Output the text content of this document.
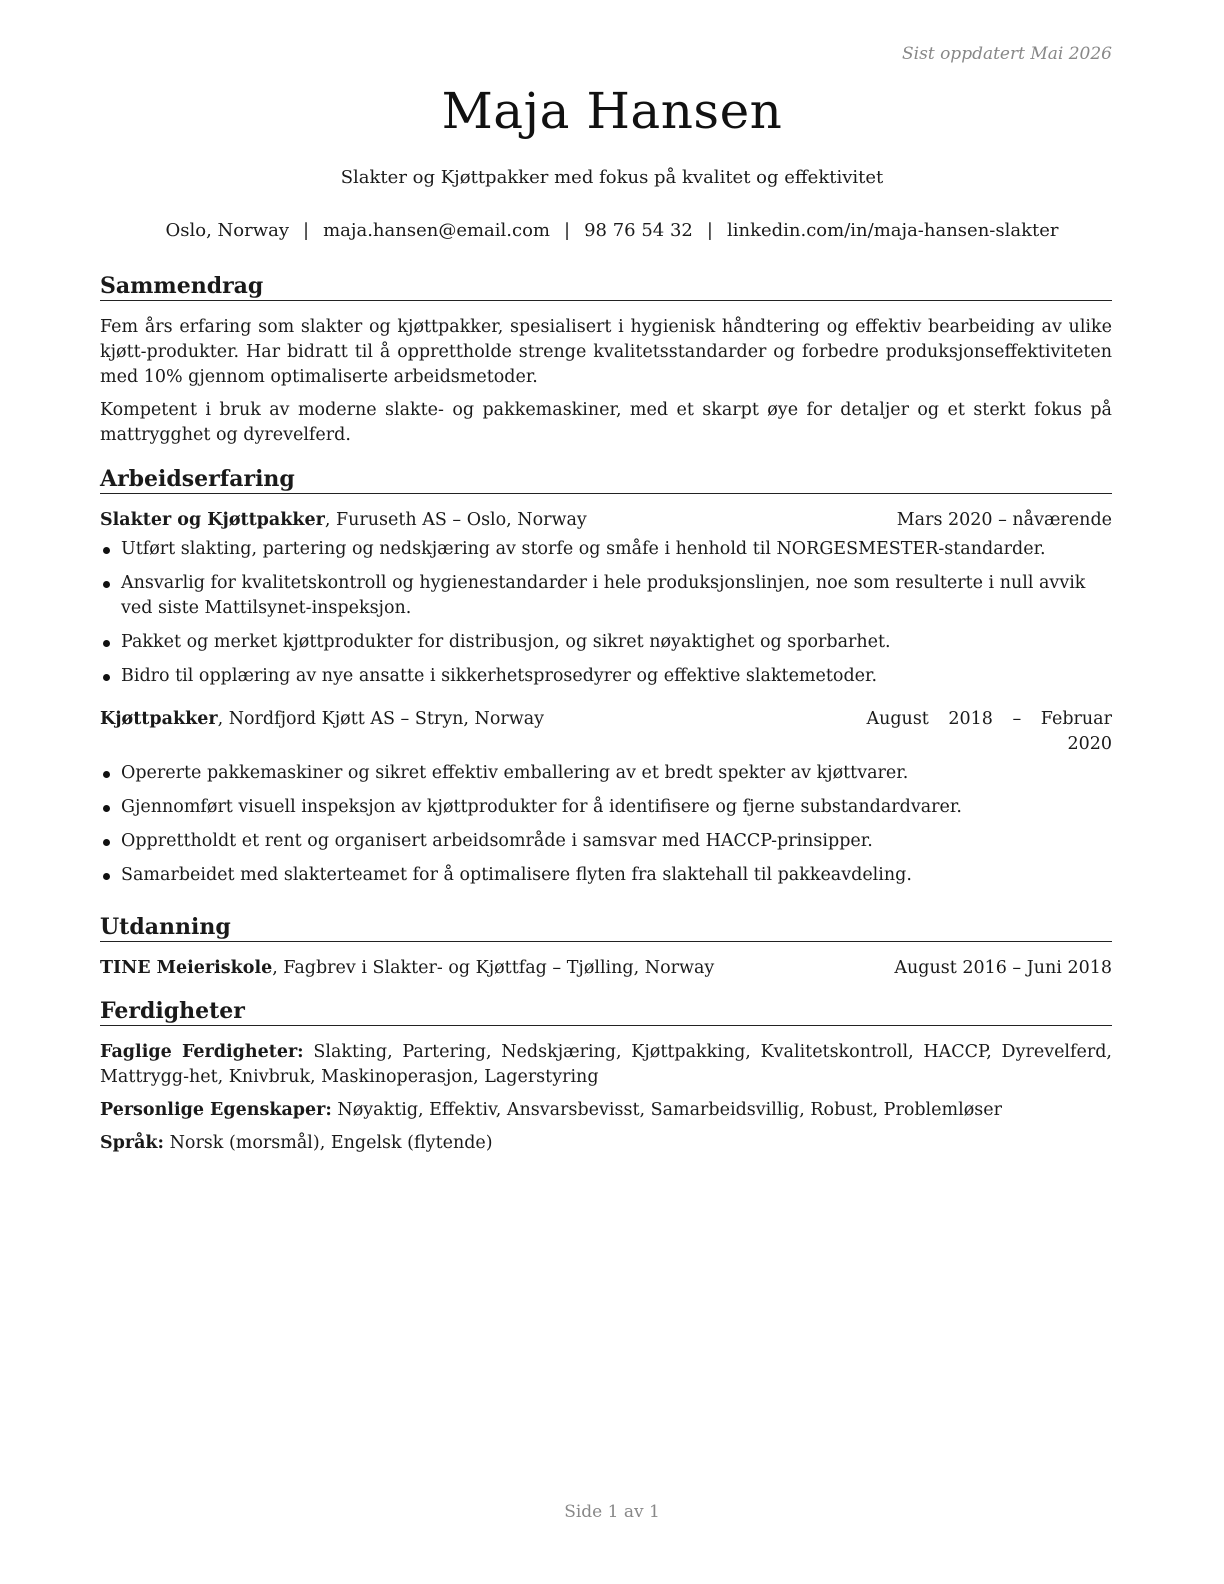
Sist oppdatert Mai 2026
Maja Hansen
Slakter og Kjøttpakker med fokus på kvalitet og effektivitet
Oslo, Norway | maja.hansen@email.com | 98 76 54 32 | linkedin.com/in/maja-hansen-slakter
Sammendrag

Fem års erfaring som slakter og kjøttpakker, spesialisert i hygienisk håndtering og effektiv bearbeiding av ulike kjøtt-produkter. Har bidratt til å opprettholde strenge kvalitetsstandarder og forbedre produksjonseffektiviteten med 10% gjennom optimaliserte arbeidsmetoder.

Kompetent i bruk av moderne slakte- og pakkemaskiner, med et skarpt øye for detaljer og et sterkt fokus på mattrygghet og dyrevelferd.

Arbeidserfaring
Slakter og Kjøttpakker, Furuseth AS – Oslo, Norway	Mars 2020 – nåværende
Utført slakting, partering og nedskjæring av storfe og småfe i henhold til NORGESMESTER-standarder.
Ansvarlig for kvalitetskontroll og hygienestandarder i hele produksjonslinjen, noe som resulterte i null avvik ved siste Mattilsynet-inspeksjon.
Pakket og merket kjøttprodukter for distribusjon, og sikret nøyaktighet og sporbarhet.
Bidro til opplæring av nye ansatte i sikkerhetsprosedyrer og effektive slaktemetoder.
Kjøttpakker, Nordfjord Kjøtt AS – Stryn, Norway	August 2018 – Februar
2020
Opererte pakkemaskiner og sikret effektiv emballering av et bredt spekter av kjøttvarer.
Gjennomført visuell inspeksjon av kjøttprodukter for å identifisere og fjerne substandardvarer.
Opprettholdt et rent og organisert arbeidsområde i samsvar med HACCP-prinsipper.
Samarbeidet med slakterteamet for å optimalisere flyten fra slaktehall til pakkeavdeling.
Utdanning
TINE Meieriskole, Fagbrev i Slakter- og Kjøttfag – Tjølling, Norway	August 2016 – Juni 2018
Ferdigheter
Faglige Ferdigheter: Slakting, Partering, Nedskjæring, Kjøttpakking, Kvalitetskontroll, HACCP, Dyrevelferd, Mattrygg-het, Knivbruk, Maskinoperasjon, Lagerstyring
Personlige Egenskaper: Nøyaktig, Effektiv, Ansvarsbevisst, Samarbeidsvillig, Robust, Problemløser
Språk: Norsk (morsmål), Engelsk (flytende)
Side 1 av 1
